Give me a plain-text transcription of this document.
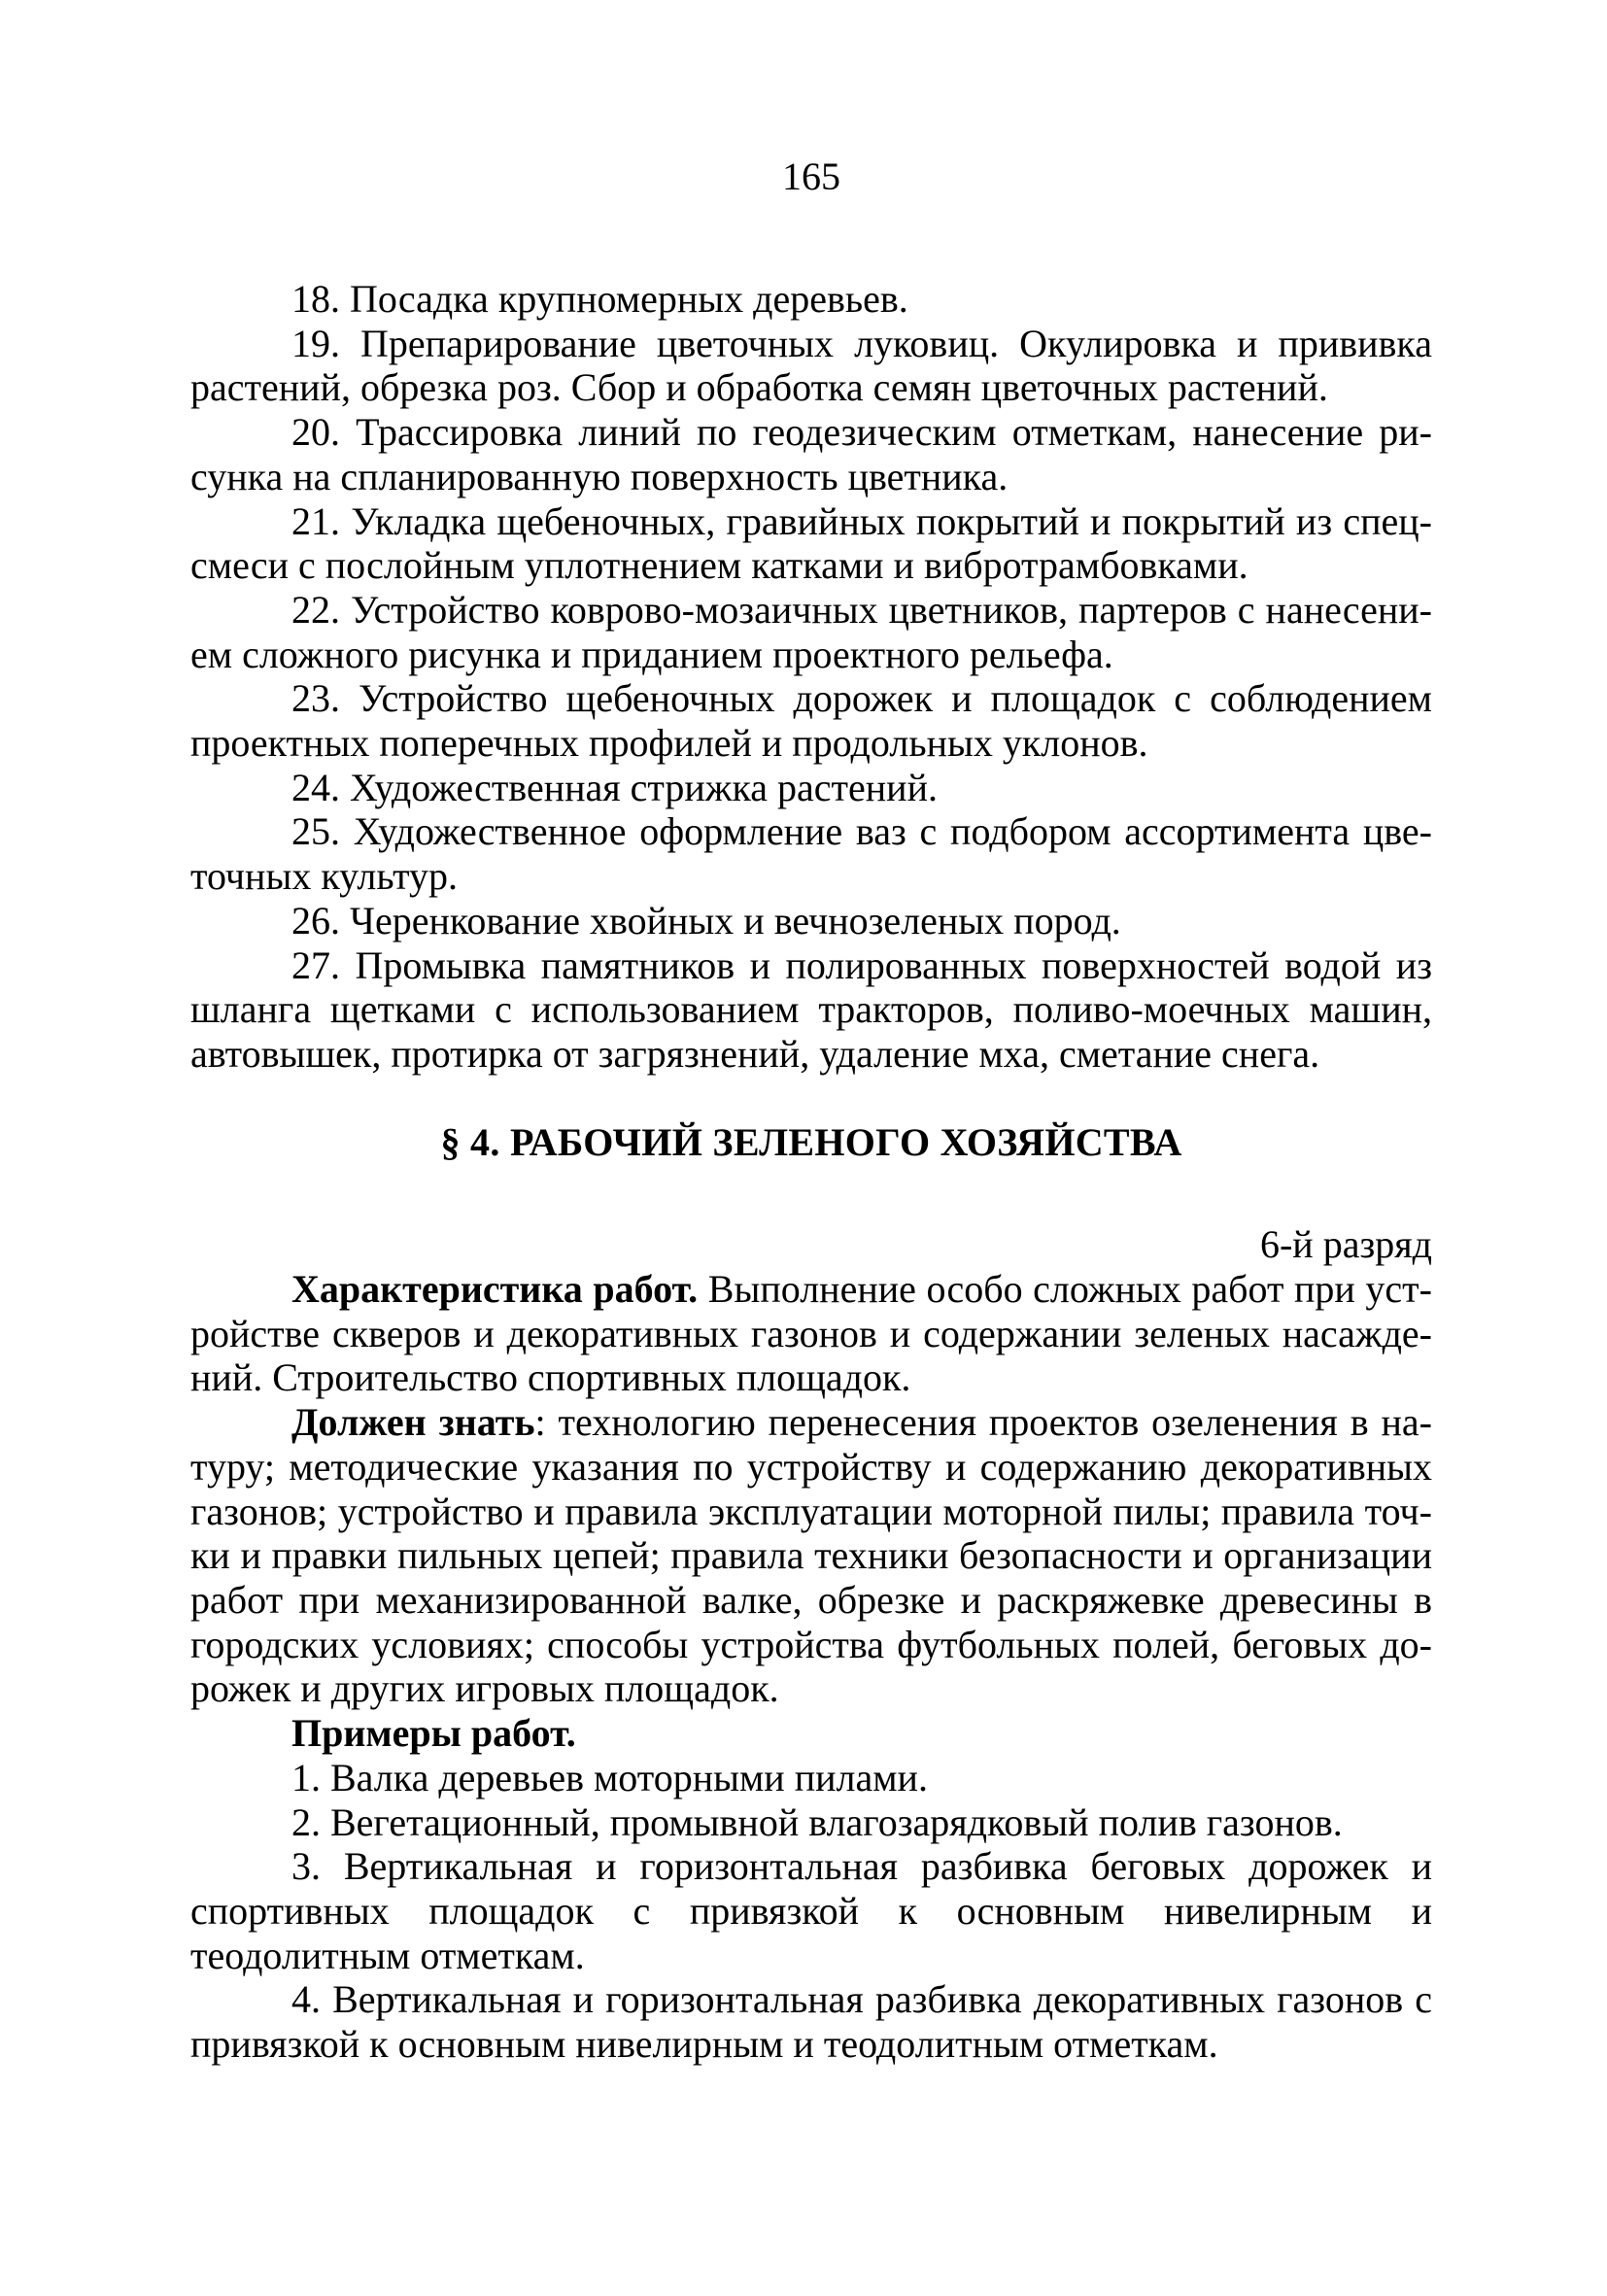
165

18. Посадка крупномерных деревьев.

19. Препарирование цветочных луковиц. Окулировка и прививка растений, обрезка роз. Сбор и обработка семян цветочных растений.

20. Трассировка линий по геодезическим отметкам, нанесение рисунка на спланированную поверхность цветника.

21. Укладка щебеночных, гравийных покрытий и покрытий из спецсмеси с послойным уплотнением катками и вибротрамбовками.

22. Устройство ковровo-мозаичных цветников, партеров с нанесением сложного рисунка и приданием проектного рельефа.

23. Устройство щебеночных дорожек и площадок с соблюдением проектных поперечных профилей и продольных уклонов.

24. Художественная стрижка растений.

25. Художественное оформление ваз с подбором ассортимента цветочных культур.

26. Черенкование хвойных и вечнозеленых пород.

27. Промывка памятников и полированных поверхностей водой из шланга щетками с использованием тракторов, поливо-моечных машин, автовышек, протирка от загрязнений, удаление мха, сметание снега.

§ 4. РАБОЧИЙ ЗЕЛЕНОГО ХОЗЯЙСТВА

6-й разряд

Характеристика работ. Выполнение особо сложных работ при устройстве скверов и декоративных газонов и содержании зеленых насаждений. Строительство спортивных площадок.

Должен знать: технологию перенесения проектов озеленения в натуру; методические указания по устройству и содержанию декоративных газонов; устройство и правила эксплуатации моторной пилы; правила точки и правки пильных цепей; правила техники безопасности и организации работ при механизированной валке, обрезке и раскряжевке древесины в городских условиях; способы устройства футбольных полей, беговых дорожек и других игровых площадок.

Примеры работ.

1. Валка деревьев моторными пилами.

2. Вегетационный, промывной влагозарядковый полив газонов.

3. Вертикальная и горизонтальная разбивка беговых дорожек и спортивных площадок с привязкой к основным нивелирным и теодолитным отметкам.

4. Вертикальная и горизонтальная разбивка декоративных газонов с привязкой к основным нивелирным и теодолитным отметкам.
